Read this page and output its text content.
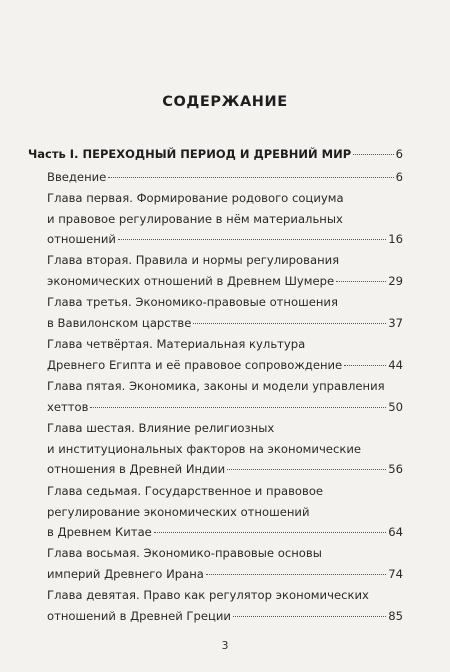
СОДЕРЖАНИЕ
Часть I. ПЕРЕХОДНЫЙ ПЕРИОД И ДРЕВНИЙ МИР	6
Введение	6
Глава первая. Формирование родового социума
и правовое регулирование в нём материальных
отношений	16
Глава вторая. Правила и нормы регулирования
экономических отношений в Древнем Шумере	29
Глава третья. Экономико-правовые отношения
в Вавилонском царстве	37
Глава четвёртая. Материальная культура
Древнего Египта и её правовое сопровождение	44
Глава пятая. Экономика, законы и модели управления
хеттов	50
Глава шестая. Влияние религиозных
и институциональных факторов на экономические
отношения в Древней Индии	56
Глава седьмая. Государственное и правовое
регулирование экономических отношений
в Древнем Китае	64
Глава восьмая. Экономико-правовые основы
империй Древнего Ирана	74
Глава девятая. Право как регулятор экономических
отношений в Древней Греции	85
3
